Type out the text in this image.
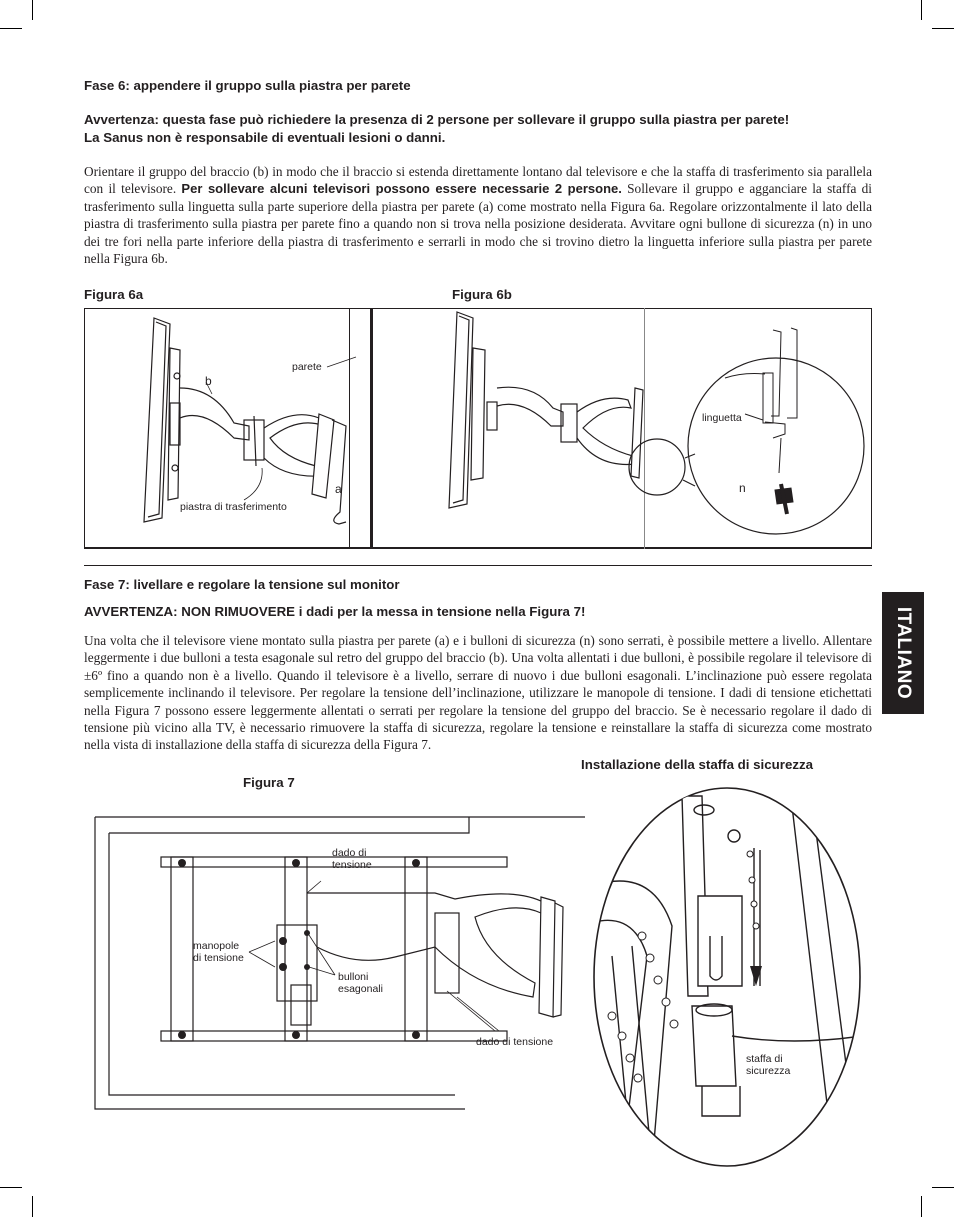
Fase 6: appendere il gruppo sulla piastra per parete
Avvertenza: questa fase può richiedere la presenza di 2 persone per sollevare il gruppo sulla piastra per parete!
La Sanus non è responsabile di eventuali lesioni o danni.
Orientare il gruppo del braccio (b) in modo che il braccio si estenda direttamente lontano dal televisore e che la staffa di trasferimento sia parallela con il televisore. Per sollevare alcuni televisori possono essere necessarie 2 persone. Sollevare il gruppo e agganciare la staffa di trasferimento sulla linguetta sulla parte superiore della piastra per parete (a) come mostrato nella Figura 6a. Regolare orizzontalmente il lato della piastra di trasferimento sulla piastra per parete fino a quando non si trova nella posizione desiderata. Avvitare ogni bullone di sicurezza (n) in uno dei tre fori nella parte inferiore della piastra di trasferimento e serrarli in modo che si trovino dietro la linguetta inferiore sulla piastra per parete nella Figura 6b.
Figura 6a	Figura 6b
parete
b
a
piastra di trasferimento
linguetta
n
Fase 7: livellare e regolare la tensione sul monitor
AVVERTENZA: NON RIMUOVERE i dadi per la messa in tensione nella Figura 7!
Una volta che il televisore viene montato sulla piastra per parete (a) e i bulloni di sicurezza (n) sono serrati, è possibile mettere a livello. Allentare leggermente i due bulloni a testa esagonale sul retro del gruppo del braccio (b). Una volta allentati i due bulloni, è possibile regolare il televisore di ±6º fino a quando non è a livello. Quando il televisore è a livello, serrare di nuovo i due bulloni esagonali. L’inclinazione può essere regolata semplicemente inclinando il televisore. Per regolare la tensione dell’inclinazione, utilizzare le manopole di tensione. I dadi di tensione etichettati nella Figura 7 possono essere leggermente allentati o serrati per regolare la tensione del gruppo del braccio. Se è necessario regolare il dado di tensione più vicino alla TV, è necessario rimuovere la staffa di sicurezza, regolare la tensione e reinstallare la staffa di sicurezza come mostrato nella vista di installazione della staffa di sicurezza della Figura 7.
ITALIANO
Installazione della staffa di sicurezza
Figura 7
dado di
tensione
manopole
di tensione
bulloni
esagonali
dado di tensione
staffa di
sicurezza
